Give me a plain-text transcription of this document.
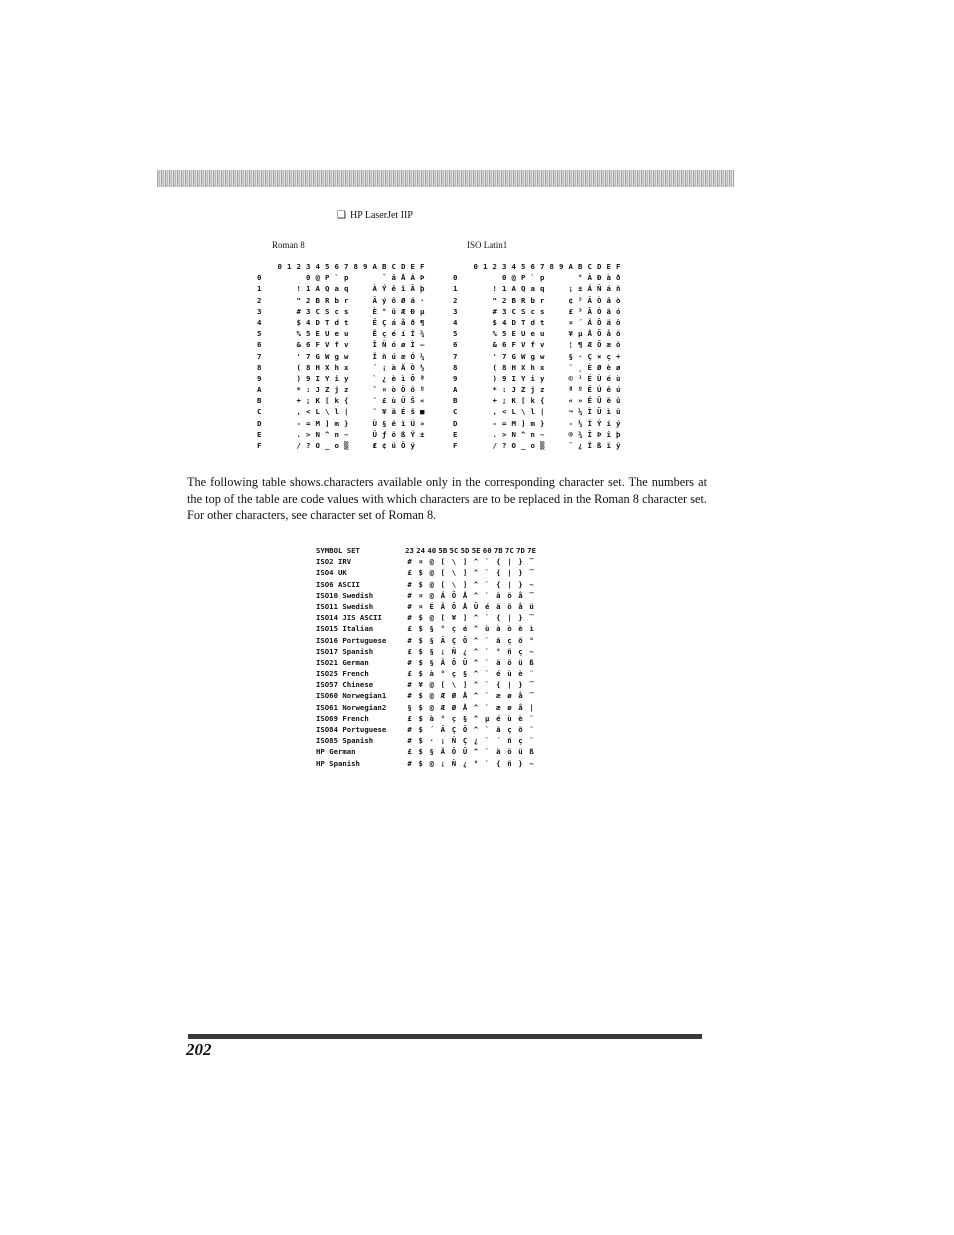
❑ HP LaserJet IIP
Roman 8	ISO Latin1
0 1 2 3 4 5 6 7 8 9 A B C D E F
0	0 @ P ` p	¯ â Å Á Þ
1	! 1 A Q a q	À Ý ê î Ã þ
2	" 2 B R b r	Â ý ô Ø ã ·
3	# 3 C S c s	È ° û Æ Ð µ
4	$ 4 D T d t	Ê Ç á å ð ¶
5	% 5 E U e u	Ë ç é í Í ¾
6	& 6 F V f v	Î Ñ ó ø Ì —
7	' 7 G W g w	Ï ñ ú æ Ó ¼
8	( 8 H X h x	´ ¡ à Ä Ò ½
9	) 9 I Y i y	` ¿ è ì Õ ª
A	* : J Z j z	ˆ ¤ ò Ö õ º
B	+ ; K [ k {	¨ £ ù Ü Š «
C	, < L \ l |	˜ ¥ ä É š ■
D	- = M ] m }	Ù § ë ï Ú »
E	. > N ^ n ~	Û ƒ ö ß Ÿ ±
F	/ ? O _ o ▒	₤ ¢ ü Ô ÿ
0 1 2 3 4 5 6 7 8 9 A B C D E F
0	0 @ P ` p	° À Ð à ð
1	! 1 A Q a q	¡ ± Á Ñ á ñ
2	" 2 B R b r	¢ ² Â Ò â ò
3	# 3 C S c s	£ ³ Ã Ó ã ó
4	$ 4 D T d t	¤ ´ Ä Ô ä ô
5	% 5 E U e u	¥ µ Å Õ å õ
6	& 6 F V f v	¦ ¶ Æ Ö æ ö
7	' 7 G W g w	§ · Ç × ç ÷
8	( 8 H X h x	¨ ¸ È Ø è ø
9	) 9 I Y i y	© ¹ É Ù é ù
A	* : J Z j z	ª º Ê Ú ê ú
B	+ ; K [ k {	« » Ë Û ë û
C	, < L \ l |	¬ ¼ Ì Ü ì ü
D	- = M ] m }	- ½ Í Ý í ý
E	. > N ^ n ~	® ¾ Î Þ î þ
F	/ ? O _ o ▒	¯ ¿ Ï ß ï ÿ
The following table shows.characters available only in the corresponding character set. The numbers at the top of the table are code values with which characters are to be replaced in the Roman 8 character set. For other characters, see character set of Roman 8.
SYMBOL SET	23 24 40 5B 5C 5D 5E 60 7B 7C 7D 7E
ISO2 IRV	# ¤ @ [ \ ] ^ ` { | } ‾
ISO4 UK	£ $ @ [ \ ] ^ ` { | } ‾
ISO6 ASCII	# $ @ [ \ ] ^ ` { | } ~
ISO10 Swedish	# ¤ @ Ä Ö Å ^ ` ä ö å ‾
ISO11 Swedish	# ¤ É Ä Ö Å Ü é ä ö å ü
ISO14 JIS ASCII	# $ @ [ ¥ ] ^ ` { | } ‾
ISO15 Italian	£ $ § ° ç é ^ ù à ò è ì
ISO16 Portuguese	# $ § Ã Ç Õ ^ ` ã ç õ °
ISO17 Spanish	£ $ § ¡ Ñ ¿ ^ ` ° ñ ç ~
ISO21 German	# $ § Ä Ö Ü ^ ` ä ö ü ß
ISO25 French	£ $ à ° ç § ^ ` é ù è ¨
ISO57 Chinese	# ¥ @ [ \ ] ^ ` { | } ‾
ISO60 Norwegian1	# $ @ Æ Ø Å ^ ` æ ø å ‾
ISO61 Norwegian2	§ $ @ Æ Ø Å ^ ` æ ø å |
ISO69 French	£ $ à ° ç § ^ µ é ù è ¨
ISO84 Portuguese	# $ ´ Ã Ç Õ ^ ` ã ç õ ¨
ISO85 Spanish	# $ · ¡ Ñ Ç ¿ ` ´ ñ ç ¨
HP German	£ $ § Ä Ö Ü ^ ` ä ö ü ß
HP Spanish	# $ @ ¡ Ñ ¿ ° ` { ñ } ~
202
